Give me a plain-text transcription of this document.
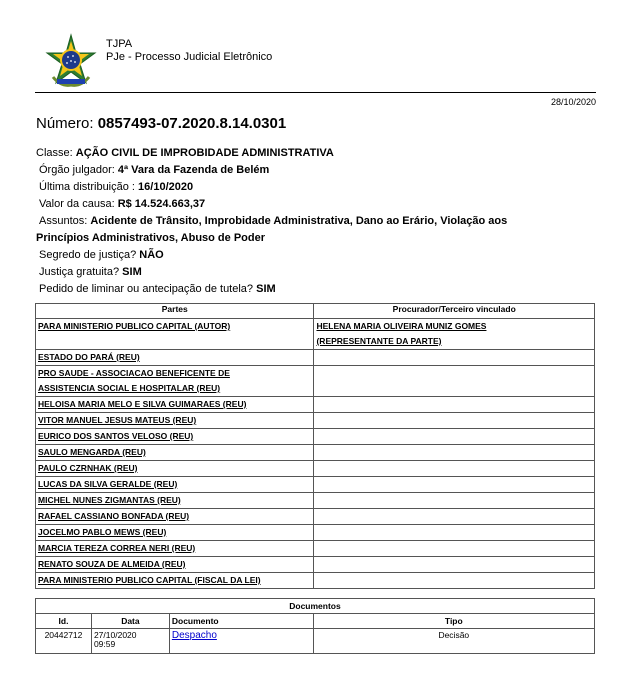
TJPA
PJe - Processo Judicial Eletrônico
28/10/2020
Número: 0857493-07.2020.8.14.0301
Classe: AÇÃO CIVIL DE IMPROBIDADE ADMINISTRATIVA
Órgão julgador: 4ª Vara da Fazenda de Belém
Última distribuição : 16/10/2020
Valor da causa: R$ 14.524.663,37
Assuntos: Acidente de Trânsito, Improbidade Administrativa, Dano ao Erário, Violação aos
Princípios Administrativos, Abuso de Poder
Segredo de justiça? NÃO
Justiça gratuita? SIM
Pedido de liminar ou antecipação de tutela? SIM
Partes	Procurador/Terceiro vinculado
PARA MINISTERIO PUBLICO CAPITAL (AUTOR)	HELENA MARIA OLIVEIRA MUNIZ GOMES
(REPRESENTANTE DA PARTE)
ESTADO DO PARÁ (REU)	
PRO SAUDE - ASSOCIACAO BENEFICENTE DE
ASSISTENCIA SOCIAL E HOSPITALAR (REU)	
HELOISA MARIA MELO E SILVA GUIMARAES (REU)	
VITOR MANUEL JESUS MATEUS (REU)	
EURICO DOS SANTOS VELOSO (REU)	
SAULO MENGARDA (REU)	
PAULO CZRNHAK (REU)	
LUCAS DA SILVA GERALDE (REU)	
MICHEL NUNES ZIGMANTAS (REU)	
RAFAEL CASSIANO BONFADA (REU)	
JOCELMO PABLO MEWS (REU)	
MARCIA TEREZA CORREA NERI (REU)	
RENATO SOUZA DE ALMEIDA (REU)	
PARA MINISTERIO PUBLICO CAPITAL (FISCAL DA LEI)	
Documentos			
Id.	Data	Documento	Tipo
20442712	27/10/2020
09:59	Despacho	Decisão
